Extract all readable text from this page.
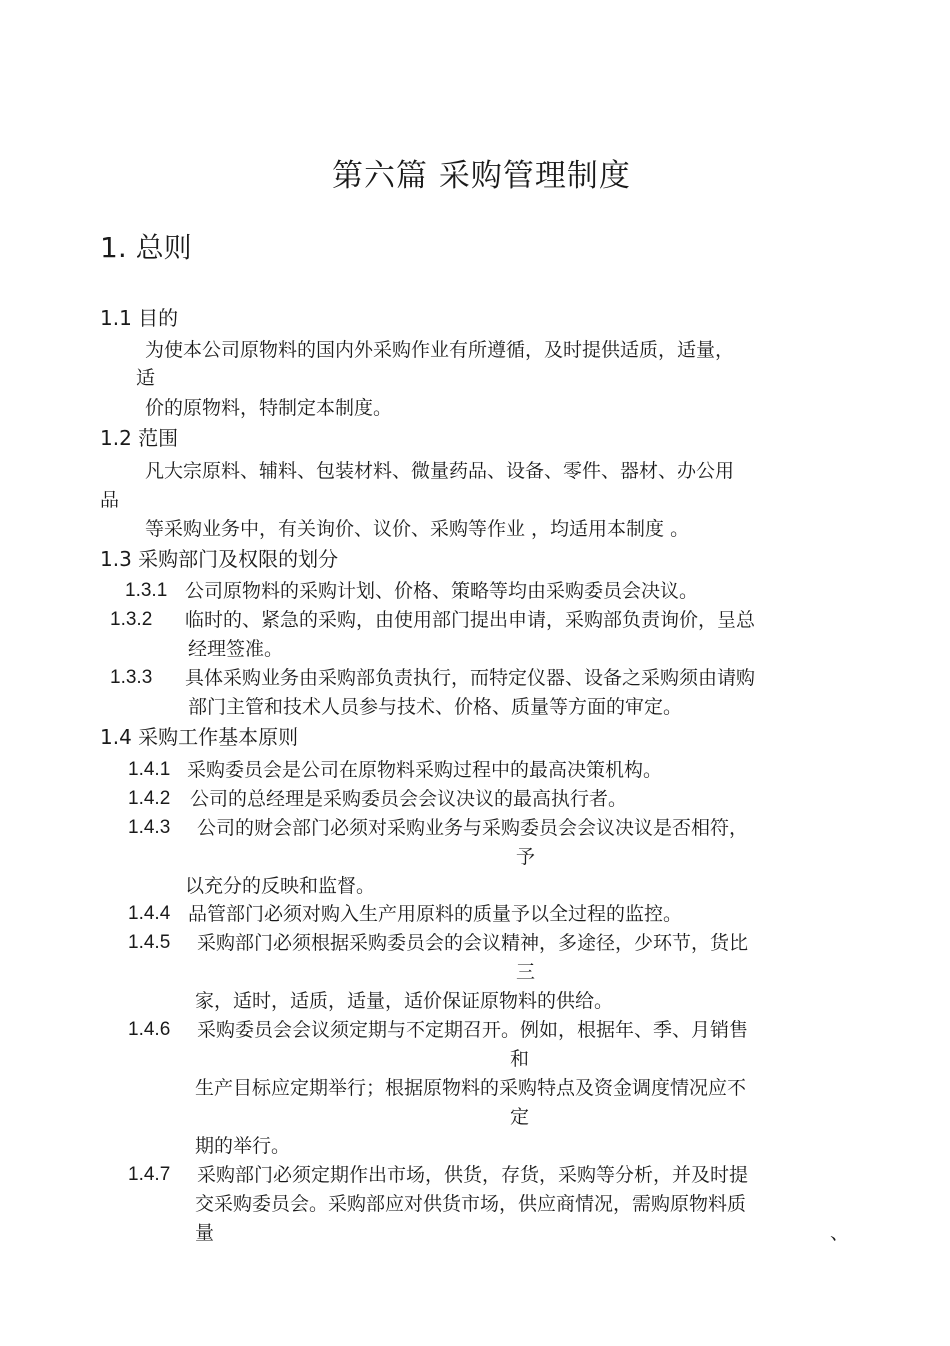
第六篇 采购管理制度
1. 总则
1.1 目的
为使本公司原物料的国内外采购作业有所遵循，及时提供适质，适量，
适
价的原物料，特制定本制度。
1.2 范围
凡大宗原料、辅料、包装材料、微量药品、设备、零件、器材、办公用
品
等采购业务中，有关询价、议价、采购等作业 ，均适用本制度 。
1.3 采购部门及权限的划分
1.3.1 公司原物料的采购计划、价格、策略等均由采购委员会决议。
1.3.2 临时的、紧急的采购，由使用部门提出申请，采购部负责询价，呈总
经理签准。
1.3.3 具体采购业务由采购部负责执行，而特定仪器、设备之采购须由请购
部门主管和技术人员参与技术、价格、质量等方面的审定。
1.4 采购工作基本原则
1.4.1 采购委员会是公司在原物料采购过程中的最高决策机构。
1.4.2 公司的总经理是采购委员会会议决议的最高执行者。
1.4.3 公司的财会部门必须对采购业务与采购委员会会议决议是否相符，
予
以充分的反映和监督。
1.4.4 品管部门必须对购入生产用原料的质量予以全过程的监控。
1.4.5 采购部门必须根据采购委员会的会议精神，多途径，少环节，货比
三
家，适时，适质，适量，适价保证原物料的供给。
1.4.6 采购委员会会议须定期与不定期召开。例如，根据年、季、月销售
和
生产目标应定期举行；根据原物料的采购特点及资金调度情况应不
定
期的举行。
1.4.7 采购部门必须定期作出市场，供货，存货，采购等分析，并及时提
交采购委员会。采购部应对供货市场，供应商情况，需购原物料质
量	、
